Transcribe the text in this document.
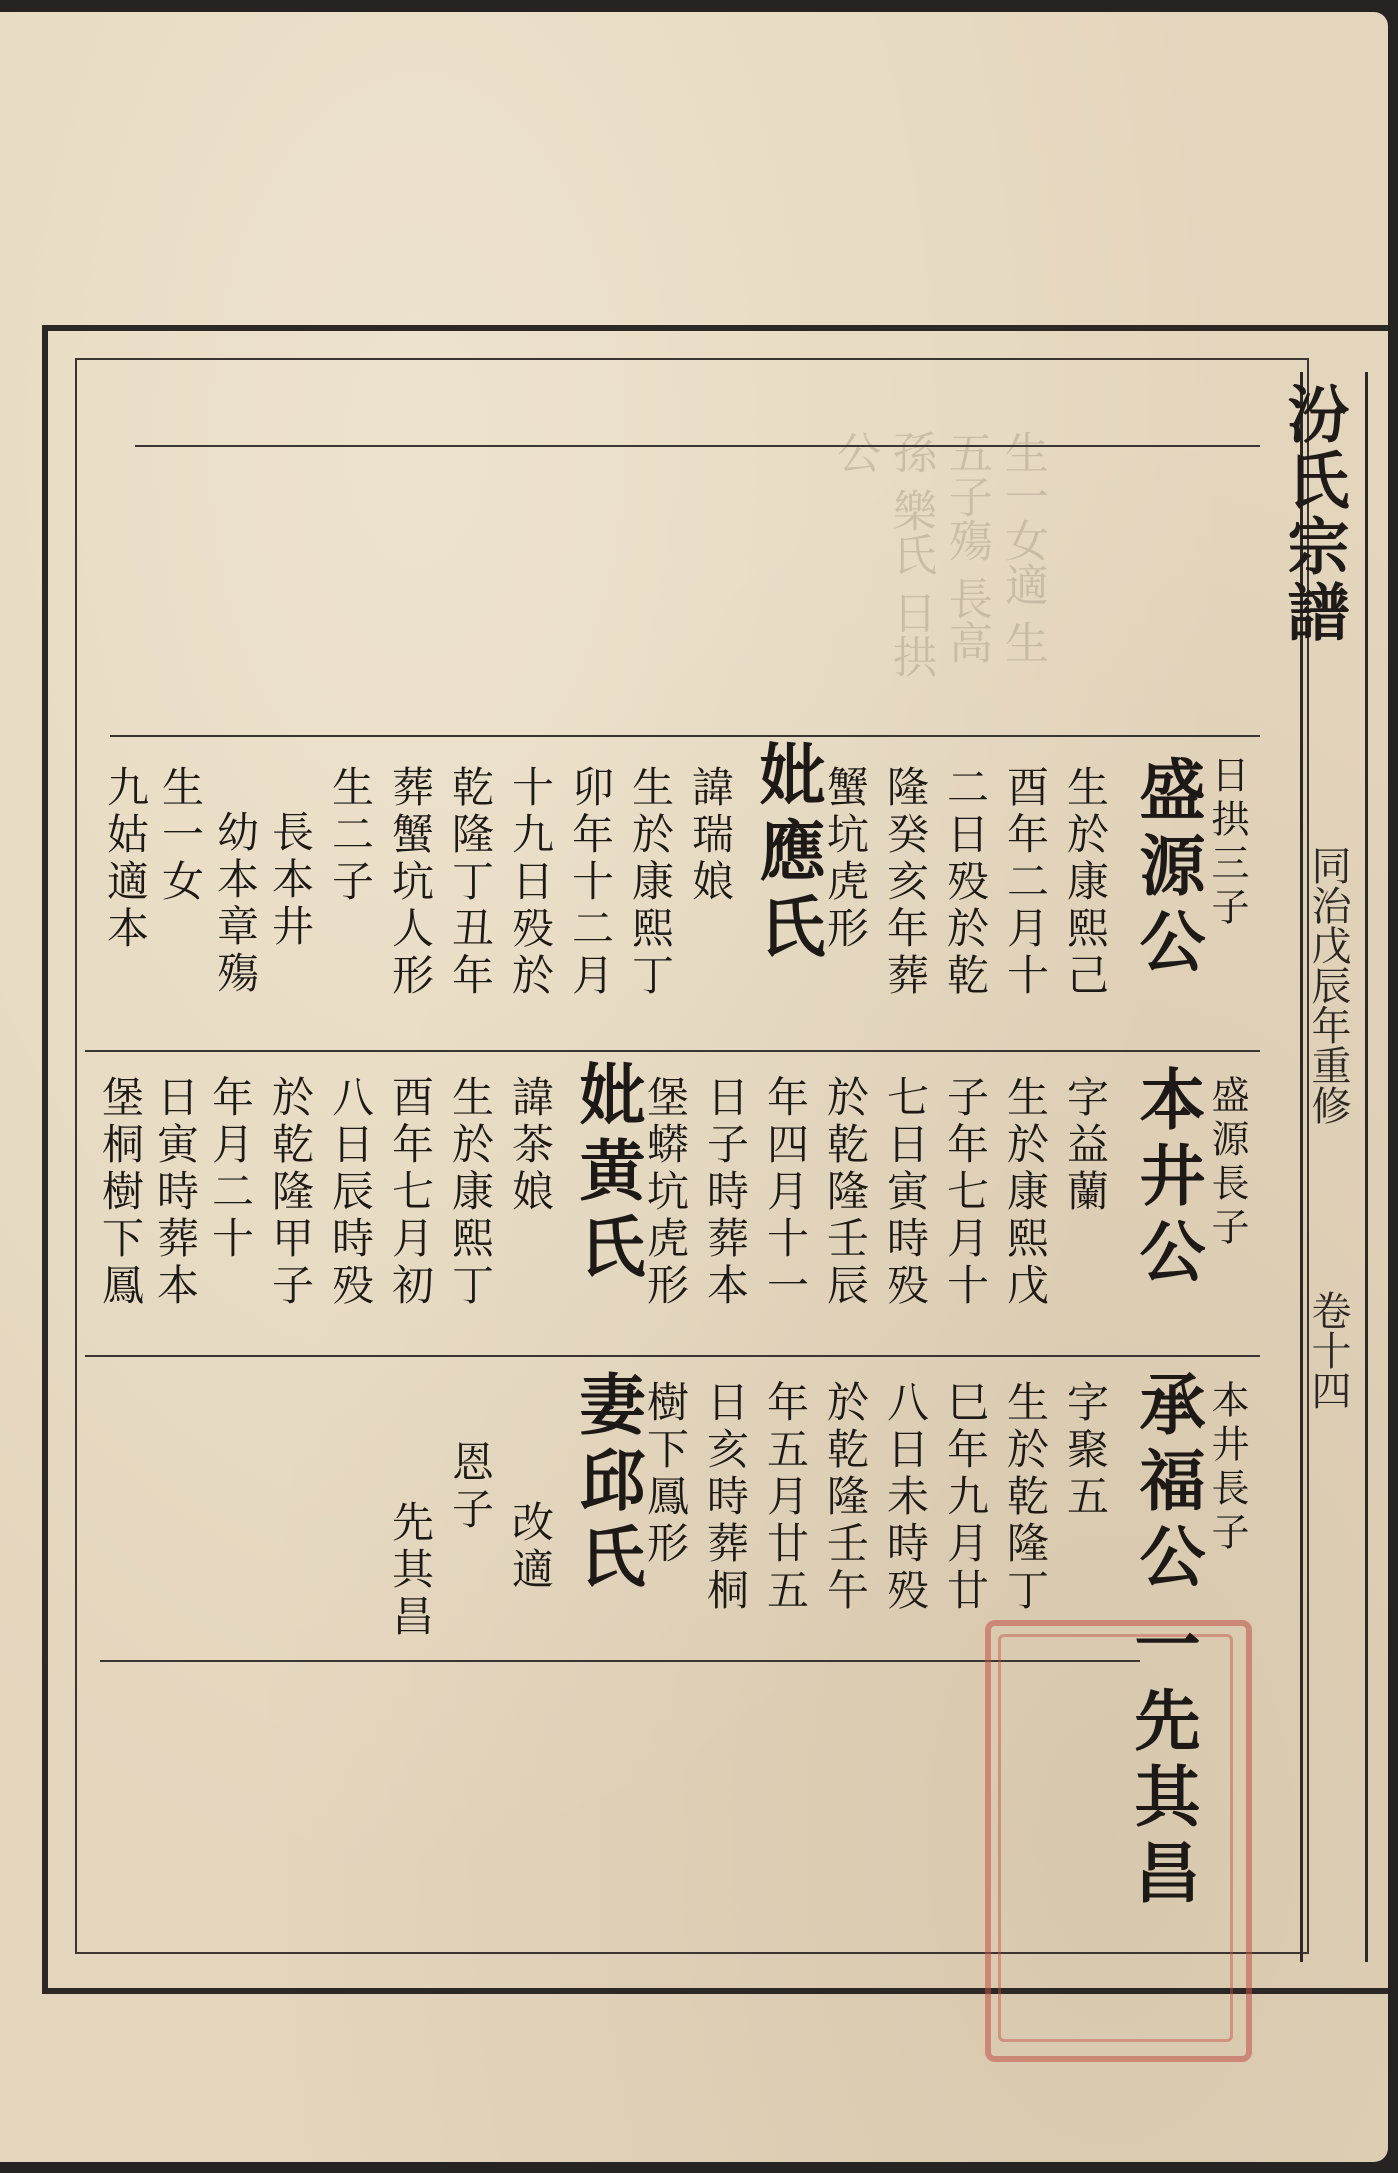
生一女適 生五子殤 長高孫 樂氏 日拱公	汾氏宗譜
同治戊辰年重修
卷十四
日拱三子
盛源公
生於康熙己
酉年二月十
二日殁於乾
隆癸亥年葬
蟹坑虎形
妣應氏
諱瑞娘
生於康熙丁
卯年十二月
十九日殁於
乾隆丁丑年
葬蟹坑人形
生二子
長本井
幼本章殤
生一女
九姑適本
盛源長子
本井公
字益蘭
生於康熙戊
子年七月十
七日寅時殁
於乾隆壬辰
年四月十一
日子時葬本
堡蟒坑虎形
妣黄氏
諱茶娘
生於康熙丁
酉年七月初
八日辰時殁
於乾隆甲子
年月二十
日寅時葬本
堡桐樹下鳳
本井長子
承福公
字聚五
生於乾隆丁
巳年九月廿
八日未時殁
於乾隆壬午
年五月廿五
日亥時葬桐
樹下鳳形
妻邱氏
改適
恩子
先其昌
一先其昌
